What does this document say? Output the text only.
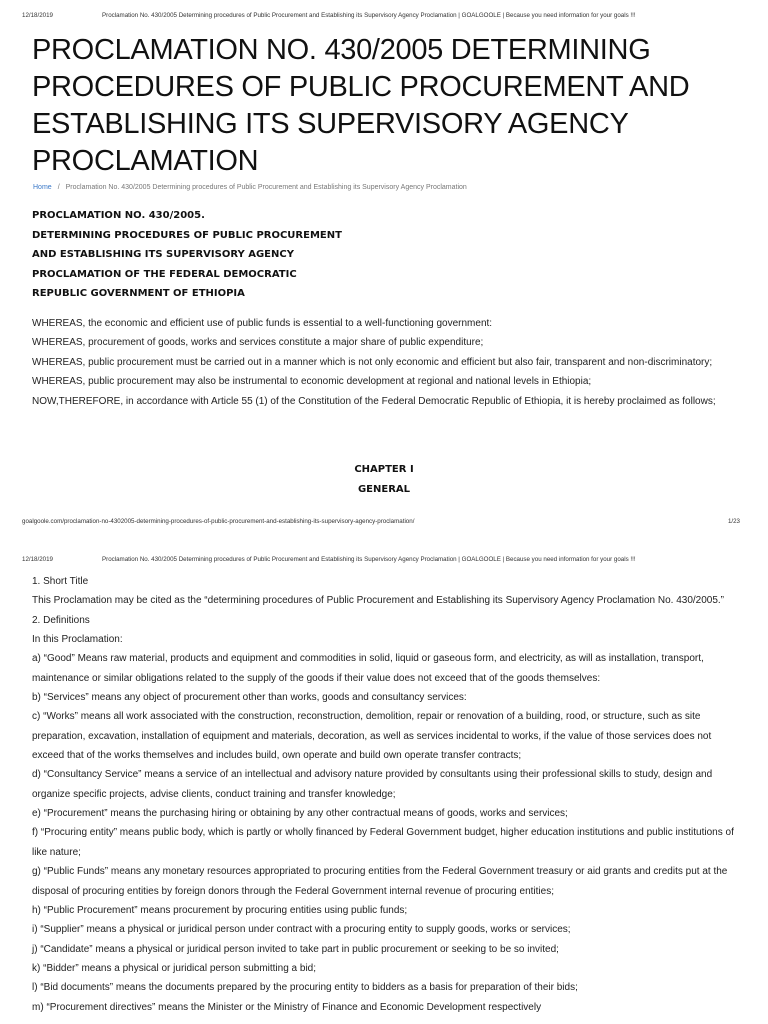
12/18/2019	Proclamation No. 430/2005 Determining procedures of Public Procurement and Establishing its Supervisory Agency Proclamation | GOALGOOLE | Because you need information for your goals !!!
PROCLAMATION NO. 430/2005 DETERMINING PROCEDURES OF PUBLIC PROCUREMENT AND ESTABLISHING ITS SUPERVISORY AGENCY PROCLAMATION
Home / Proclamation No. 430/2005 Determining procedures of Public Procurement and Establishing its Supervisory Agency Proclamation
PROCLAMATION NO. 430/2005.
DETERMINING PROCEDURES OF PUBLIC PROCUREMENT
AND ESTABLISHING ITS SUPERVISORY AGENCY
PROCLAMATION OF THE FEDERAL DEMOCRATIC
REPUBLIC GOVERNMENT OF ETHIOPIA

WHEREAS, the economic and efficient use of public funds is essential to a well-functioning government:

WHEREAS, procurement of goods, works and services constitute a major share of public expenditure;

WHEREAS, public procurement must be carried out in a manner which is not only economic and efficient but also fair, transparent and non-discriminatory;

WHEREAS, public procurement may also be instrumental to economic development at regional and national levels in Ethiopia;

NOW,THEREFORE, in accordance with Article 55 (1) of the Constitution of the Federal Democratic Republic of Ethiopia, it is hereby proclaimed as follows;

CHAPTER I
GENERAL
goalgoole.com/proclamation-no-4302005-determining-procedures-of-public-procurement-and-establishing-its-supervisory-agency-proclamation/	1/23
12/18/2019	Proclamation No. 430/2005 Determining procedures of Public Procurement and Establishing its Supervisory Agency Proclamation | GOALGOOLE | Because you need information for your goals !!!

1. Short Title

This Proclamation may be cited as the “determining procedures of Public Procurement and Establishing its Supervisory Agency Proclamation No. 430/2005.”

2. Definitions

In this Proclamation:

a) “Good” Means raw material, products and equipment and commodities in solid, liquid or gaseous form, and electricity, as will as installation, transport, maintenance or similar obligations related to the supply of the goods if their value does not exceed that of the goods themselves:

b) “Services” means any object of procurement other than works, goods and consultancy services:

c) “Works” means all work associated with the construction, reconstruction, demolition, repair or renovation of a building, rood, or structure, such as site preparation, excavation, installation of equipment and materials, decoration, as well as services incidental to works, if the value of those services does not exceed that of the works themselves and includes build, own operate and build own operate transfer contracts;

d) “Consultancy Service” means a service of an intellectual and advisory nature provided by consultants using their professional skills to study, design and organize specific projects, advise clients, conduct training and transfer knowledge;

e) “Procurement” means the purchasing hiring or obtaining by any other contractual means of goods, works and services;

f) “Procuring entity” means public body, which is partly or wholly financed by Federal Government budget, higher education institutions and public institutions of like nature;

g) “Public Funds” means any monetary resources appropriated to procuring entities from the Federal Government treasury or aid grants and credits put at the disposal of procuring entities by foreign donors through the Federal Government internal revenue of procuring entities;

h) “Public Procurement” means procurement by procuring entities using public funds;

i) “Supplier” means a physical or juridical person under contract with a procuring entity to supply goods, works or services;

j) “Candidate” means a physical or juridical person invited to take part in public procurement or seeking to be so invited;

k) “Bidder” means a physical or juridical person submitting a bid;

l) “Bid documents” means the documents prepared by the procuring entity to bidders as a basis for preparation of their bids;

m) “Procurement directives” means the Minister or the Ministry of Finance and Economic Development respectively
